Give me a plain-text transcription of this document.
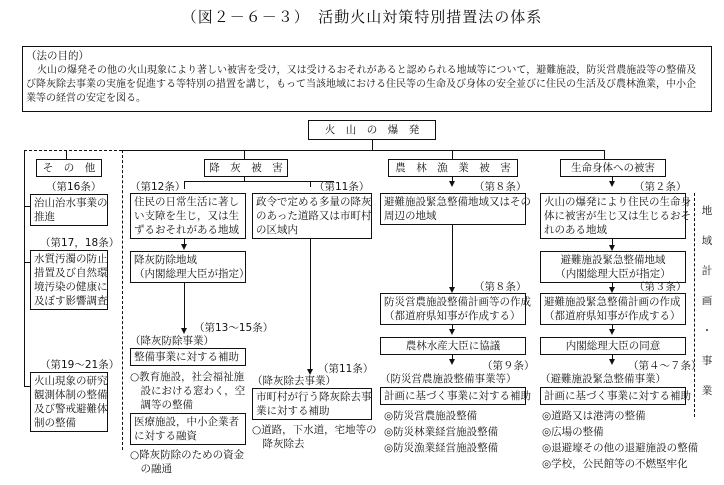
（図２－６－３）　活動火山対策特別措置法の体系
（法の目的）
火山の爆発その他の火山現象により著しい被害を受け，又は受けるおそれがあると認められる地域等について，避難施設，防災営農施設等の整備及
び降灰除去事業の実施を促進する等特別の措置を講じ，もって当該地域における住民等の生命及び身体の安全並びに住民の生活及び農林漁業，中小企
業等の経営の安定を図る。
火　山　の　爆　発
そ　の　他	降　灰　被　害	農　林　漁　業　被　害	生命身体への被害
（第16条）
治山治水事業の
推進
（第17，18条）
水質汚濁の防止
措置及び自然環
境汚染の健康に
及ぼす影響調査
（第19～21条）
火山現象の研究
観測体制の整備
及び警戒避難体
制の整備
（第12条）
住民の日常生活に著し
い支障を生じ，又は生
ずるおそれがある地域
降灰防除地域
（内閣総理大臣が指定）
（第13～15条）
（降灰防除事業）
整備事業に対する補助
○教育施設，社会福祉施
　設における窓わく，空
　調等の整備
医療施設，中小企業者
に対する融資
○降灰防除のための資金
　の融通
（第11条）
政令で定める多量の降灰
のあった道路又は市町村
の区域内
（第11条）
（降灰除去事業）
市町村が行う降灰除去事
業に対する補助
○道路，下水道，宅地等の
　降灰除去
（第８条）
避難施設緊急整備地域又はその
周辺の地域
（第８条）
防災営農施設整備計画等の作成
（都道府県知事が作成する）
農林水産大臣に協議
（第９条）
（防災営農施設整備事業等）
計画に基づく事業に対する補助
◎防災営農施設整備
◎防災林業経営施設整備
◎防災漁業経営施設整備
（第２条）
火山の爆発により住民の生命身
体に被害が生じ又は生じるおそ
れのある地域
避難施設緊急整備地域
（内閣総理大臣が指定）
（第３条）
避難施設緊急整備計画の作成
（都道府県知事が作成する）
内閣総理大臣の同意
（第４～７条）
（避難施設緊急整備事業）
計画に基づく事業に対する補助
◎道路又は港湾の整備
◎広場の整備
◎退避壕その他の退避施設の整備
◎学校，公民館等の不燃堅牢化
地
域
計
画
・
事
業
